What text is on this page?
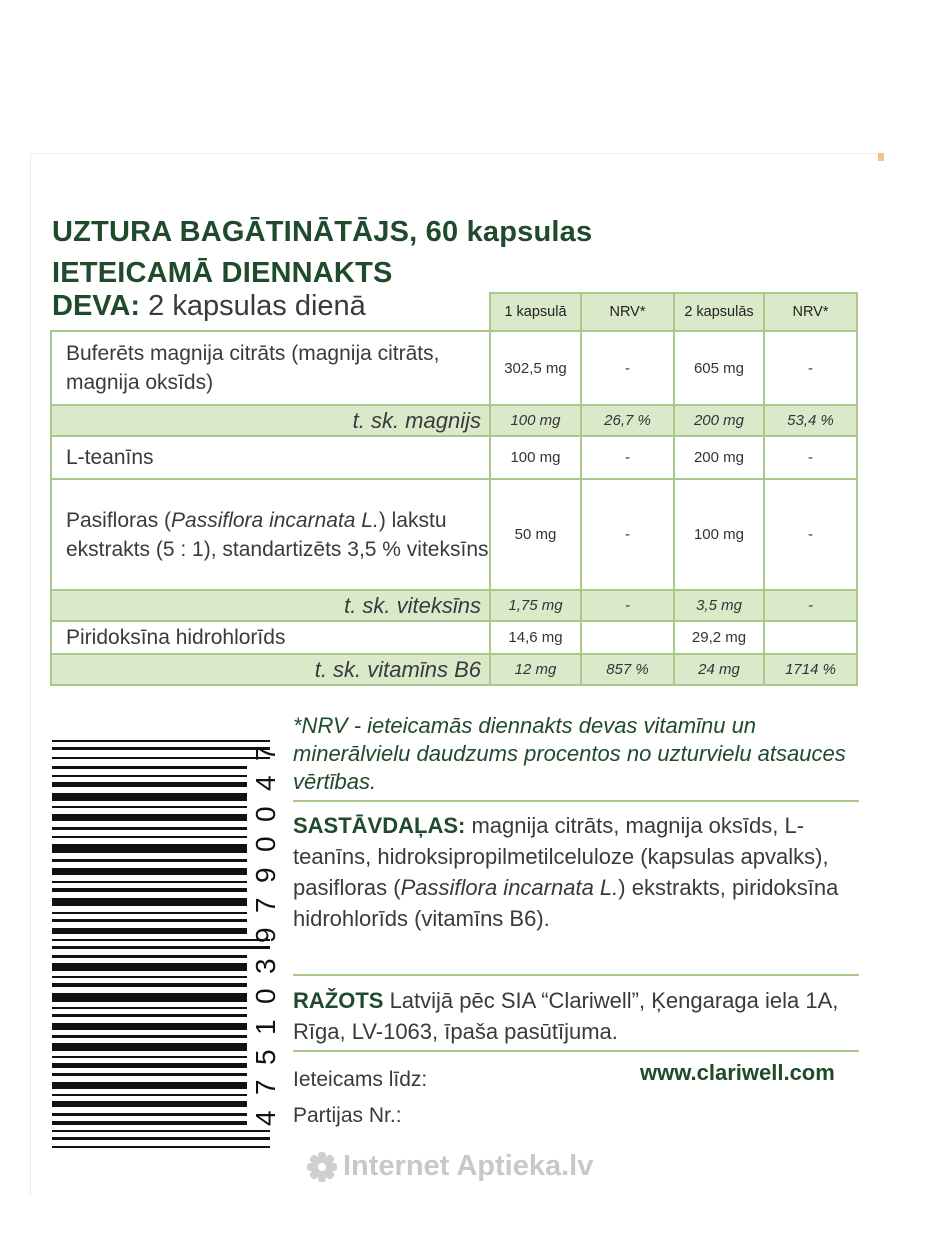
UZTURA BAGĀTINĀTĀJS, 60 kapsulas
IETEICAMĀ DIENNAKTS
DEVA: 2 kapsulas dienā
		1 kapsulā	NRV*	2 kapsulās	NRV*
Buferēts magnija citrāts (magnija citrāts, magnija oksīds)	302,5 mg	-	605 mg	-
t. sk. magnijs	100 mg	26,7 %	200 mg	53,4 %
L-teanīns	100 mg	-	200 mg	-
Pasifloras (Passiflora incarnata L.) lakstu ekstrakts (5 : 1), standartizēts 3,5 % viteksīns	50 mg	-	100 mg	-
t. sk. viteksīns	1,75 mg	-	3,5 mg	-
Piridoksīna hidrohlorīds	14,6 mg		29,2 mg	
t. sk. vitamīns B6	12 mg	857 %	24 mg	1714 %
*NRV - ieteicamās diennakts devas vitamīnu un minerālvielu daudzums procentos no uzturvielu atsauces vērtības.
SASTĀVDAĻAS: magnija citrāts, magnija oksīds, L-teanīns, hidroksipropilmetilceluloze (kapsulas apvalks), pasifloras (Passiflora incarnata L.) ekstrakts, piridoksīna hidrohlorīds (vitamīns B6).
RAŽOTS Latvijā pēc SIA “Clariwell”, Ķengaraga iela 1A, Rīga, LV-1063, īpaša pasūtījuma.
Ieteicams līdz:
Partijas Nr.:
www.clariwell.com
7
4
0
0
9
7
9
3
0
1
5
7
4
Internet Aptieka.lv
